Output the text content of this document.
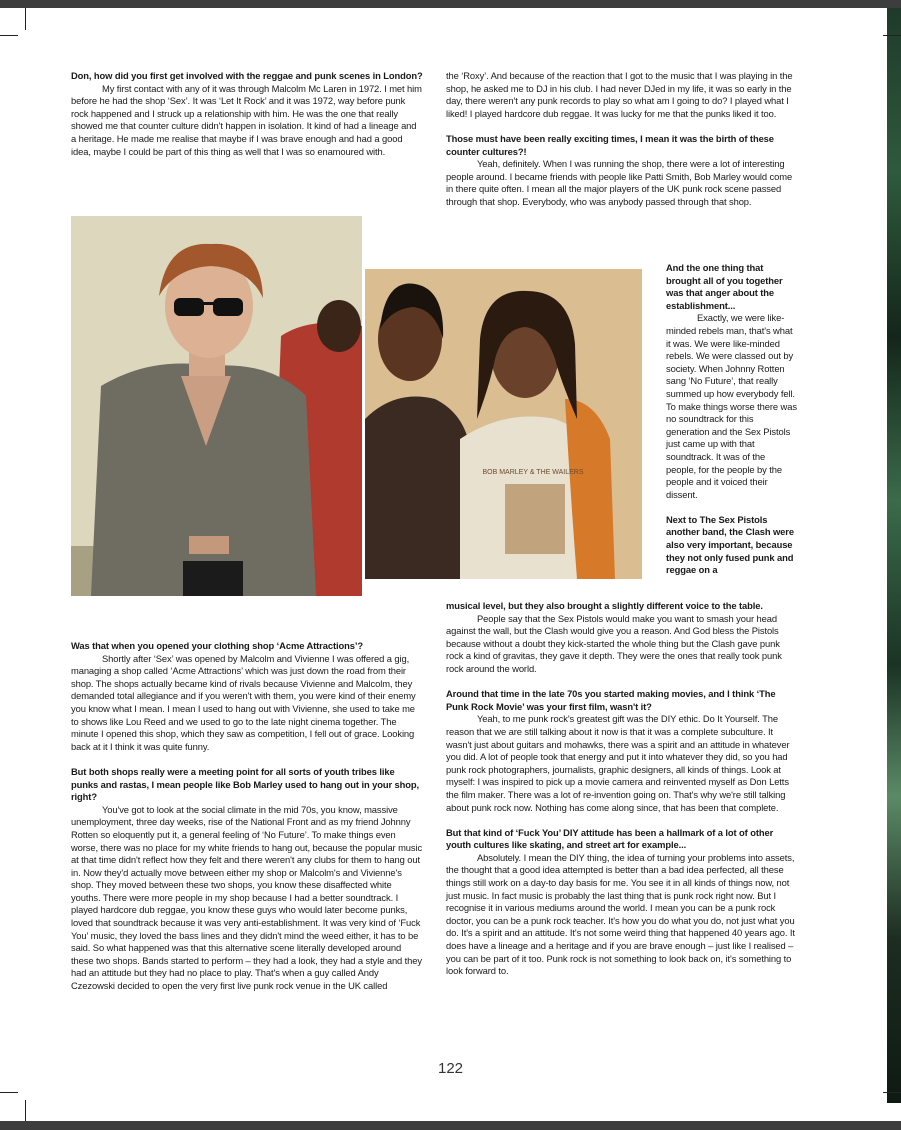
Don, how did you first get involved with the reggae and punk scenes in London?

My first contact with any of it was through Malcolm Mc Laren in 1972. I met him before he had the shop ‘Sex’. It was ‘Let It Rock’ and it was 1972, way before punk rock happened and I struck up a relationship with him. He was the one that really showed me that counter culture didn't happen in isolation. It kind of had a lineage and a heritage. He made me realise that maybe if I was brave enough and had a good idea, maybe I could be part of this thing as well that I was so enamoured with.

the ‘Roxy’. And because of the reaction that I got to the music that I was playing in the shop, he asked me to DJ in his club. I had never DJed in my life, it was so early in the day, there weren't any punk records to play so what am I going to do? I played what I liked! I played hardcore dub reggae. It was lucky for me that the punks liked it too.

Those must have been really exciting times, I mean it was the birth of these counter cultures?!

Yeah, definitely. When I was running the shop, there were a lot of interesting people around. I became friends with people like Patti Smith, Bob Marley would come in there quite often. I mean all the major players of the UK punk rock scene passed through that shop. Everybody, who was anybody passed through that shop.

And the one thing that brought all of you together was that anger about the establishment...

Exactly, we were like-minded rebels man, that's what it was. We were like-minded rebels. We were classed out by society. When Johnny Rotten sang ‘No Future’, that really summed up how everybody fell. To make things worse there was no soundtrack for this generation and the Sex Pistols just came up with that soundtrack. It was of the people, for the people by the people and it voiced their dissent.

Next to The Sex Pistols another band, the Clash were also very important, because they not only fused punk and reggae on a

musical level, but they also brought a slightly different voice to the table.

People say that the Sex Pistols would make you want to smash your head against the wall, but the Clash would give you a reason. And God bless the Pistols because without a doubt they kick-started the whole thing but the Clash gave punk rock a kind of gravitas, they gave it depth. They were the ones that really took punk rock around the world.

Around that time in the late 70s you started making movies, and I think ‘The Punk Rock Movie’ was your first film, wasn't it?

Yeah, to me punk rock's greatest gift was the DIY ethic. Do It Yourself. The reason that we are still talking about it now is that it was a complete subculture. It wasn't just about guitars and mohawks, there was a spirit and an attitude in whatever you did. A lot of people took that energy and put it into whatever they did, so you had punk rock photographers, journalists, graphic designers, all kinds of things. Look at myself: I was inspired to pick up a movie camera and reinvented myself as Don Letts the film maker. There was a lot of re-invention going on. That's why we're still talking about punk rock now. Nothing has come along since, that has been that complete.

But that kind of ‘Fuck You’ DIY attitude has been a hallmark of a lot of other youth cultures like skating, and street art for example...

Absolutely. I mean the DIY thing, the idea of turning your problems into assets, the thought that a good idea attempted is better than a bad idea perfected, all these things still work on a day-to day basis for me. You see it in all kinds of things now, not just music. In fact music is probably the last thing that is punk rock right now. But I recognise it in various mediums around the world. I mean you can be a punk rock doctor, you can be a punk rock teacher. It's how you do what you do, not just what you do. It's a spirit and an attitude. It's not some weird thing that happened 40 years ago. It does have a lineage and a heritage and if you are brave enough – just like I realised – you can be part of it too. Punk rock is not something to look back on, it's something to look forward to.

Was that when you opened your clothing shop ‘Acme Attractions’?

Shortly after ‘Sex’ was opened by Malcolm and Vivienne I was offered a gig, managing a shop called ‘Acme Attractions’ which was just down the road from their shop. The shops actually became kind of rivals because Vivienne and Malcolm, they demanded total allegiance and if you weren't with them, you were kind of their enemy you know what I mean. I mean I used to hang out with Vivienne, she used to take me to shows like Lou Reed and we used to go to the late night cinema together. The minute I opened this shop, which they saw as competition, I fell out of grace. Looking back at it I think it was quite funny.

But both shops really were a meeting point for all sorts of youth tribes like punks and rastas, I mean people like Bob Marley used to hang out in your shop, right?

You've got to look at the social climate in the mid 70s, you know, massive unemployment, three day weeks, rise of the National Front and as my friend Johnny Rotten so eloquently put it, a general feeling of ‘No Future’. To make things even worse, there was no place for my white friends to hang out, because the popular music at that time didn't reflect how they felt and there weren't any clubs for them to hang out in. Now they'd actually move between either my shop or Malcolm's and Vivienne's shop. They moved between these two shops, you know these disaffected white youths. There were more people in my shop because I had a better soundtrack. I played hardcore dub reggae, you know these guys who would later become punks, loved that soundtrack because it was very anti-establishment. It was very kind of ‘Fuck You’ music, they loved the bass lines and they didn't mind the weed either, it has to be said. So what happened was that this alternative scene literally developed around these two shops. Bands started to perform – they had a look, they had a style and they had an attitude but they had no place to play. That's when a guy called Andy Czezowski decided to open the very first live punk rock venue in the UK called

BOB MARLEY & THE WAILERS
122
